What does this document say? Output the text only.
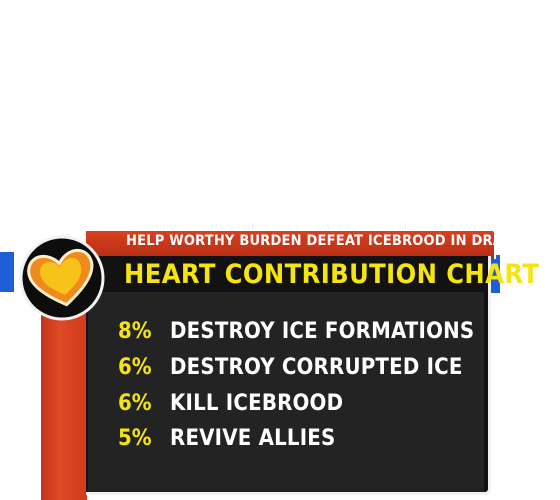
HELP WORTHY BURDEN DEFEAT ICEBROOD IN DRAKKAR...
HEART CONTRIBUTION CHART
8% DESTROY ICE FORMATIONS
6% DESTROY CORRUPTED ICE
6% KILL ICEBROOD
5% REVIVE ALLIES
